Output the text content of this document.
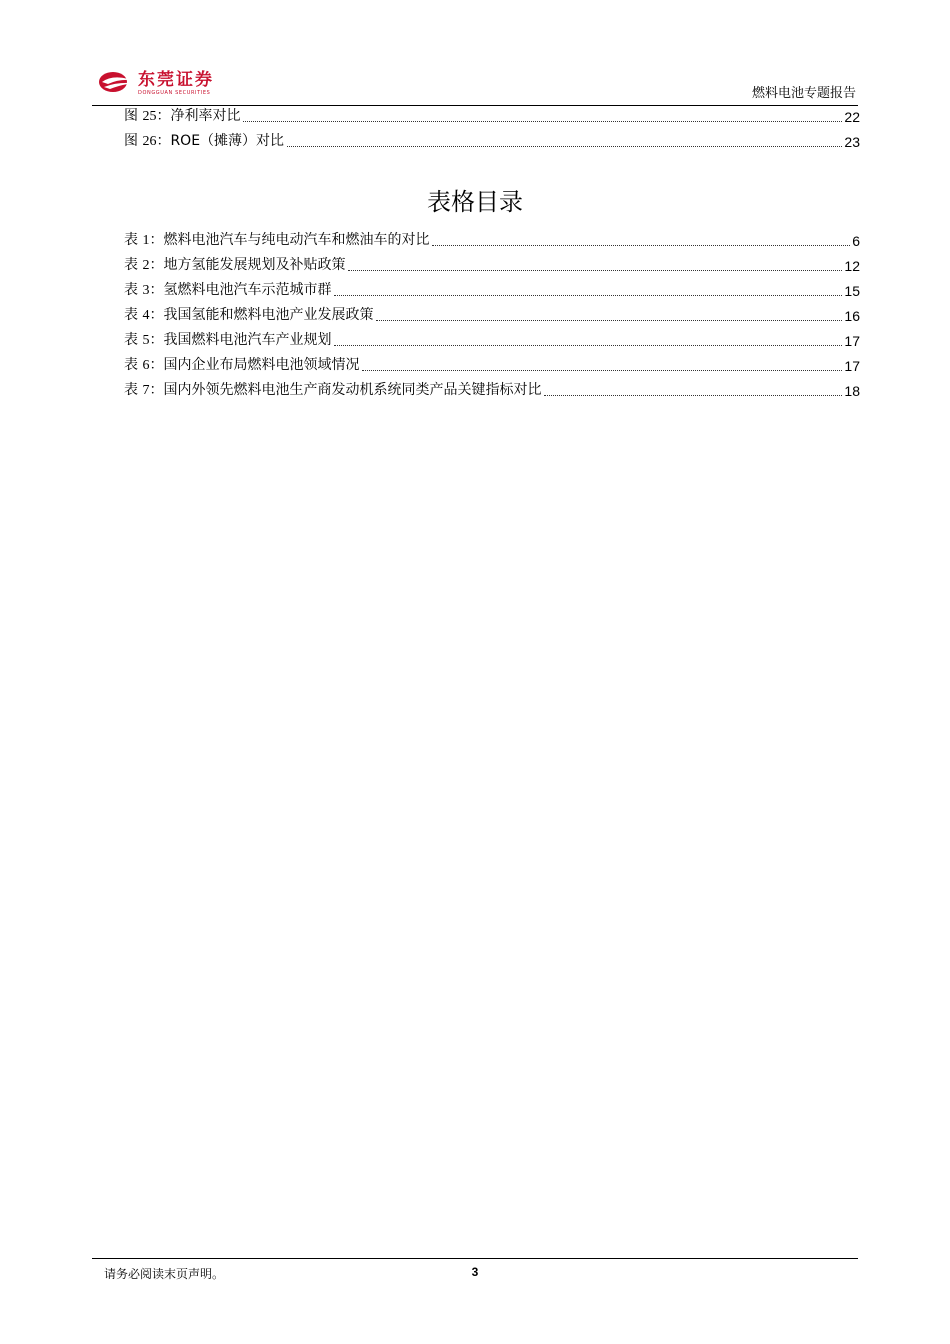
东莞证券
DONGGUAN SECURITIES	燃料电池专题报告
图 25：净利率对比	22
图 26：ROE（摊薄）对比	23
表格目录
表 1：燃料电池汽车与纯电动汽车和燃油车的对比	6
表 2：地方氢能发展规划及补贴政策	12
表 3：氢燃料电池汽车示范城市群	15
表 4：我国氢能和燃料电池产业发展政策	16
表 5：我国燃料电池汽车产业规划	17
表 6：国内企业布局燃料电池领域情况	17
表 7：国内外领先燃料电池生产商发动机系统同类产品关键指标对比	18
请务必阅读末页声明。	3
